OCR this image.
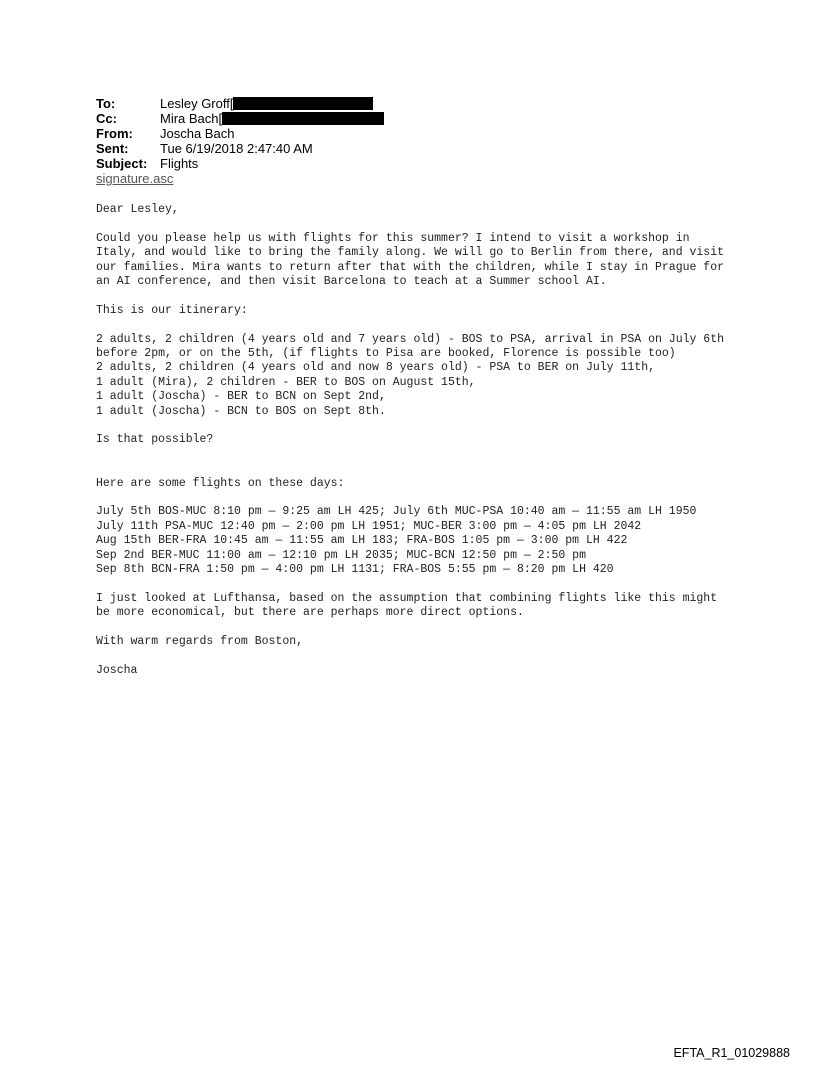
To:	Lesley Groff[
Cc:	Mira Bach[
From:	Joscha Bach
Sent:	Tue 6/19/2018 2:47:40 AM
Subject: Flights
signature.asc

Dear Lesley,

Could you please help us with flights for this summer? I intend to visit a workshop in Italy, and would like to bring the family along. We will go to Berlin from there, and visit our families. Mira wants to return after that with the children, while I stay in Prague for an AI conference, and then visit Barcelona to teach at a Summer school AI.

This is our itinerary:

2 adults, 2 children (4 years old and 7 years old) - BOS to PSA, arrival in PSA on July 6th before 2pm, or on the 5th, (if flights to Pisa are booked, Florence is possible too)
2 adults, 2 children (4 years old and now 8 years old) - PSA to BER on July 11th,
1 adult (Mira), 2 children - BER to BOS on August 15th,
1 adult (Joscha) - BER to BCN on Sept 2nd,
1 adult (Joscha) - BCN to BOS on Sept 8th.

Is that possible?

Here are some flights on these days:

July 5th BOS-MUC 8:10 pm — 9:25 am LH 425; July 6th MUC-PSA 10:40 am — 11:55 am LH 1950
July 11th PSA-MUC 12:40 pm — 2:00 pm LH 1951; MUC-BER 3:00 pm — 4:05 pm LH 2042
Aug 15th BER-FRA 10:45 am — 11:55 am LH 183; FRA-BOS 1:05 pm — 3:00 pm LH 422
Sep 2nd BER-MUC 11:00 am — 12:10 pm LH 2035; MUC-BCN 12:50 pm — 2:50 pm
Sep 8th BCN-FRA 1:50 pm — 4:00 pm LH 1131; FRA-BOS 5:55 pm — 8:20 pm LH 420

I just looked at Lufthansa, based on the assumption that combining flights like this might be more economical, but there are perhaps more direct options.

With warm regards from Boston,

Joscha

EFTA_R1_01029888
